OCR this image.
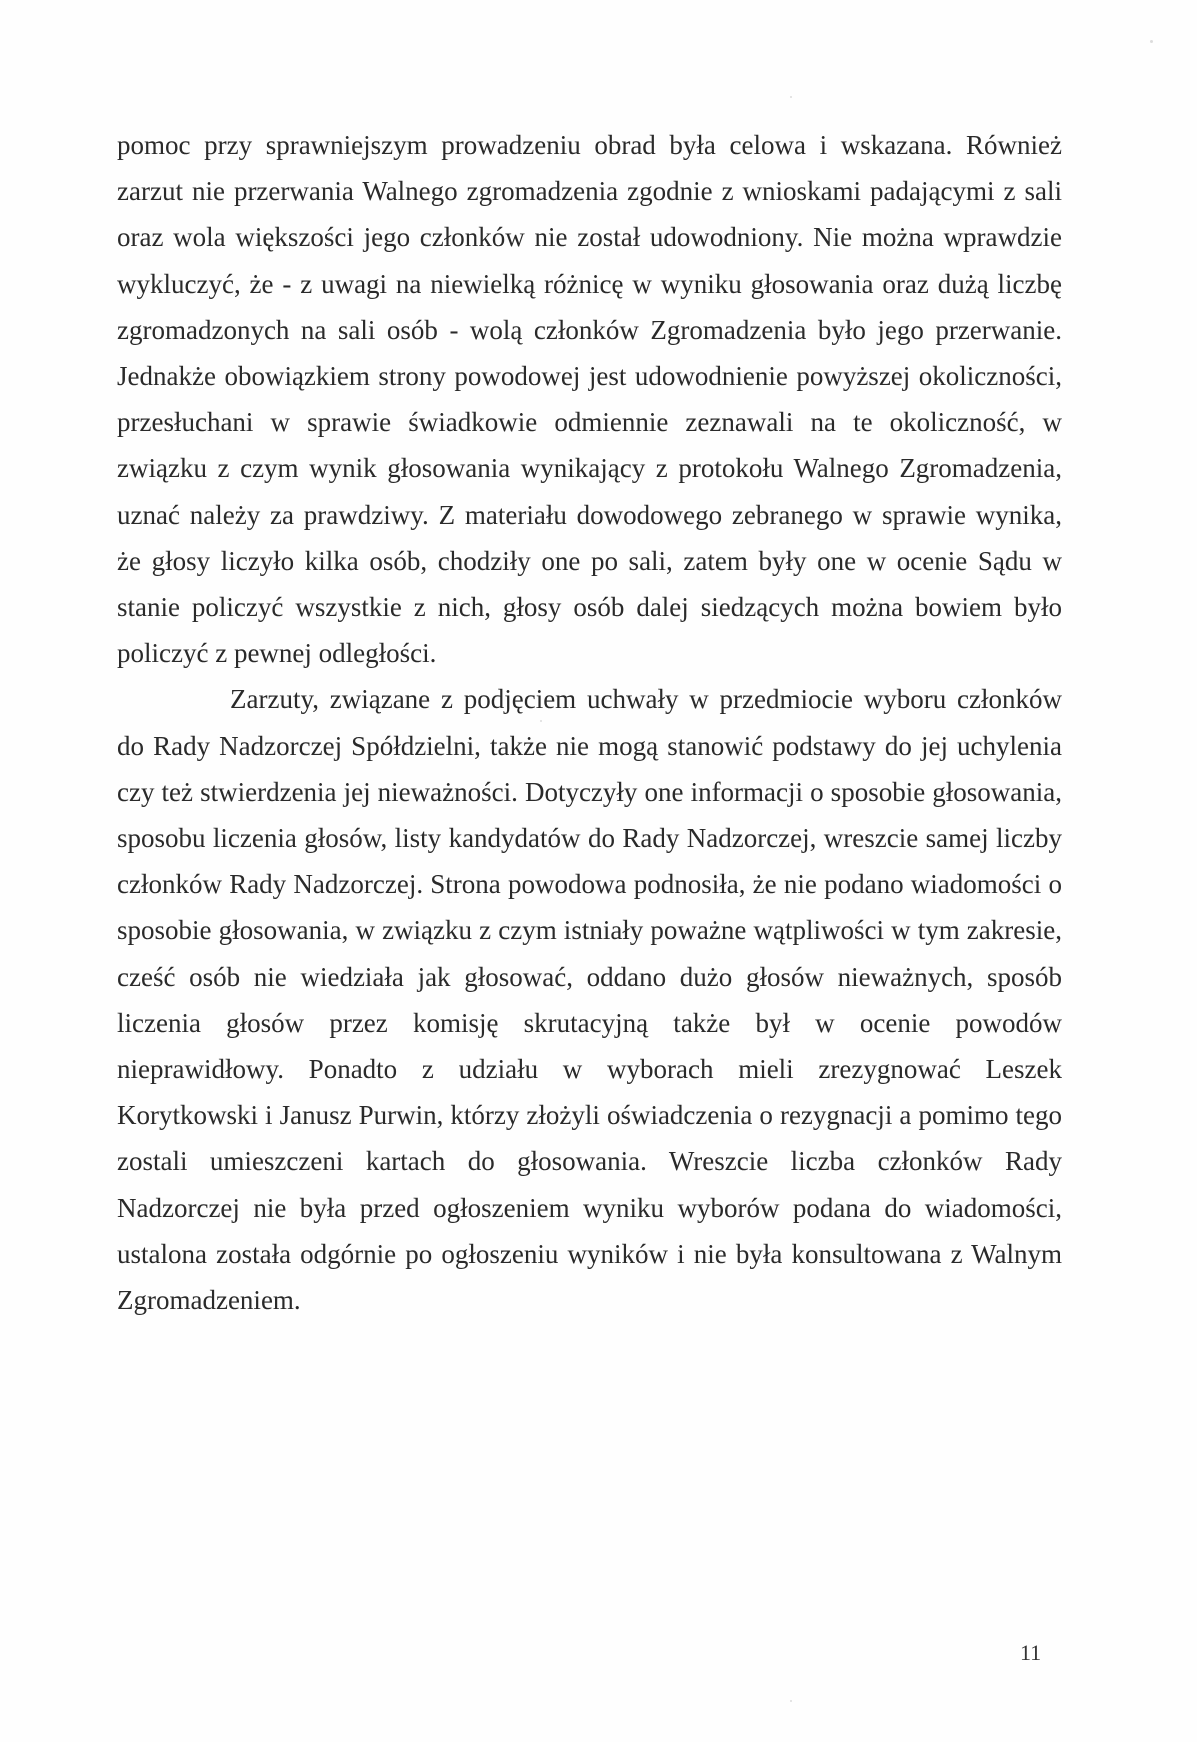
pomoc przy sprawniejszym prowadzeniu obrad była celowa i wskazana. Również zarzut nie przerwania Walnego zgromadzenia zgodnie z wnioskami padającymi z sali oraz wola większości jego członków nie został udowodniony. Nie można wprawdzie wykluczyć, że - z uwagi na niewielką różnicę w wyniku głosowania oraz dużą liczbę zgromadzonych na sali osób - wolą członków Zgromadzenia było jego przerwanie. Jednakże obowiązkiem strony powodowej jest udowodnienie powyższej okoliczności, przesłuchani w sprawie świadkowie odmiennie zeznawali na te okoliczność, w związku z czym wynik głosowania wynikający z protokołu Walnego Zgromadzenia, uznać należy za prawdziwy. Z materiału dowodowego zebranego w sprawie wynika, że głosy liczyło kilka osób, chodziły one po sali, zatem były one w ocenie Sądu w stanie policzyć wszystkie z nich, głosy osób dalej siedzących można bowiem było policzyć z pewnej odległości.

Zarzuty, związane z podjęciem uchwały w przedmiocie wyboru członków do Rady Nadzorczej Spółdzielni, także nie mogą stanowić podstawy do jej uchylenia czy też stwierdzenia jej nieważności. Dotyczyły one informacji o sposobie głosowania, sposobu liczenia głosów, listy kandydatów do Rady Nadzorczej, wreszcie samej liczby członków Rady Nadzorczej. Strona powodowa podnosiła, że nie podano wiadomości o sposobie głosowania, w związku z czym istniały poważne wątpliwości w tym zakresie, cześć osób nie wiedziała jak głosować, oddano dużo głosów nieważnych, sposób liczenia głosów przez komisję skrutacyjną także był w ocenie powodów nieprawidłowy. Ponadto z udziału w wyborach mieli zrezygnować Leszek Korytkowski i Janusz Purwin, którzy złożyli oświadczenia o rezygnacji a pomimo tego zostali umieszczeni kartach do głosowania. Wreszcie liczba członków Rady Nadzorczej nie była przed ogłoszeniem wyniku wyborów podana do wiadomości, ustalona została odgórnie po ogłoszeniu wyników i nie była konsultowana z Walnym Zgromadzeniem.

11
